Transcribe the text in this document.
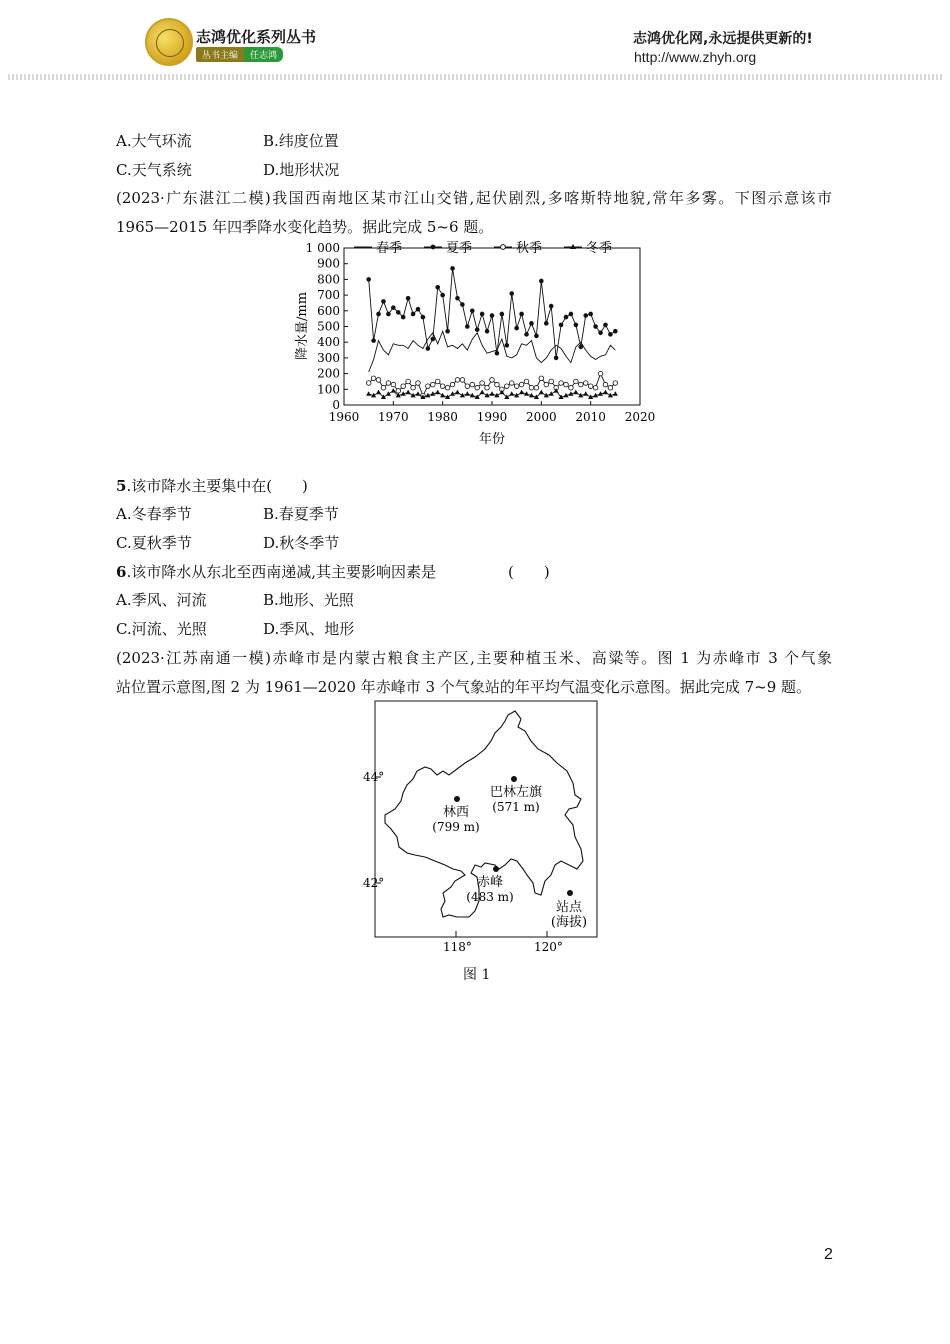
志鸿优化系列丛书
丛书主编	任志鸿
志鸿优化网,永远提供更新的!
http://www.zhyh.org
A.大气环流	B.纬度位置
C.天气系统	D.地形状况
(2023·广东湛江二模)我国西南地区某市江山交错,起伏剧烈,多喀斯特地貌,常年多雾。下图示意该市
1965—2015 年四季降水变化趋势。据此完成 5~6 题。
0
100
200
300
400
500
600
700
800
900
1 000
1960 1970 1980 1990 2000 2010 2020
春季	夏季	秋季	冬季
降水量/mm
年份
5.该市降水主要集中在(　　)
A.冬春季节	B.春夏季节
C.夏秋季节	D.秋冬季节
6.该市降水从东北至西南递减,其主要影响因素是	(　　)
A.季风、河流	B.地形、光照
C.河流、光照	D.季风、地形
(2023·江苏南通一模)赤峰市是内蒙古粮食主产区,主要种植玉米、高粱等。图 1 为赤峰市 3 个气象
站位置示意图,图 2 为 1961—2020 年赤峰市 3 个气象站的年平均气温变化示意图。据此完成 7~9 题。
44°
42°
118°	120°
巴林左旗
(571 m)
林西
(799 m)
赤峰
(483 m)
站点
(海拔)
图 1
2
